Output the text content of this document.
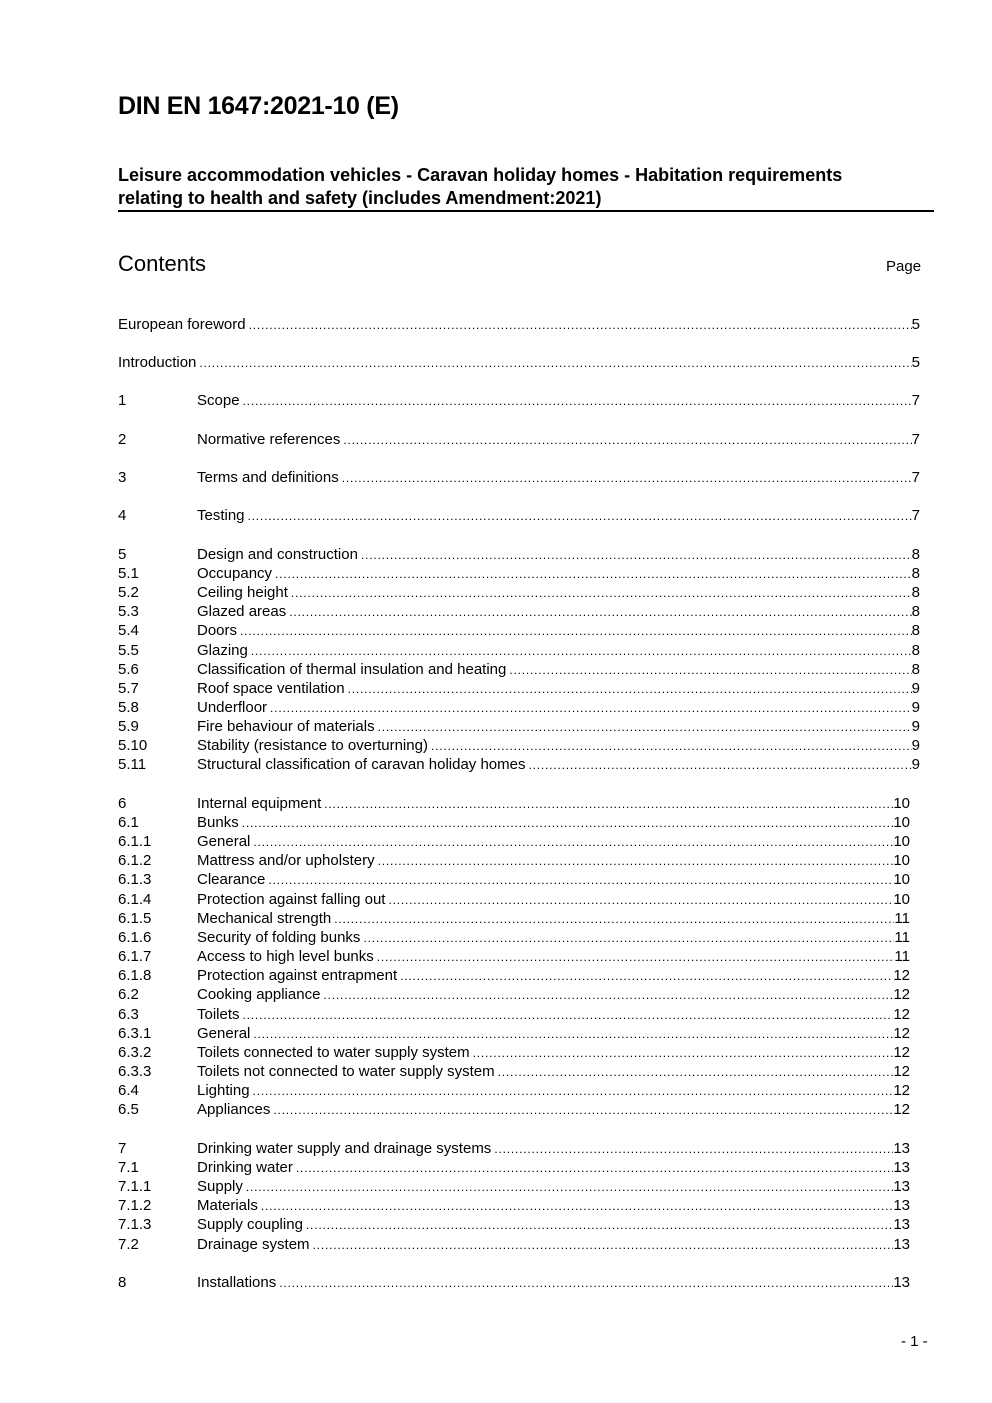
DIN EN 1647:2021-10 (E)
Leisure accommodation vehicles - Caravan holiday homes - Habitation requirements
relating to health and safety (includes Amendment:2021)
Contents	Page
European foreword .....	5
Introduction .....	5
1	Scope .....	7
2	Normative references .....	7
3	Terms and definitions .....	7
4	Testing .....	7
5	Design and construction .....	8
5.1	Occupancy .....	8
5.2	Ceiling height .....	8
5.3	Glazed areas .....	8
5.4	Doors .....	8
5.5	Glazing .....	8
5.6	Classification of thermal insulation and heating .....	8
5.7	Roof space ventilation .....	9
5.8	Underfloor .....	9
5.9	Fire behaviour of materials .....	9
5.10	Stability (resistance to overturning) .....	9
5.11	Structural classification of caravan holiday homes .....	9
6	Internal equipment .....	10
6.1	Bunks .....	10
6.1.1	General .....	10
6.1.2	Mattress and/or upholstery .....	10
6.1.3	Clearance .....	10
6.1.4	Protection against falling out .....	10
6.1.5	Mechanical strength .....	11
6.1.6	Security of folding bunks .....	11
6.1.7	Access to high level bunks .....	11
6.1.8	Protection against entrapment .....	12
6.2	Cooking appliance .....	12
6.3	Toilets .....	12
6.3.1	General .....	12
6.3.2	Toilets connected to water supply system .....	12
6.3.3	Toilets not connected to water supply system .....	12
6.4	Lighting .....	12
6.5	Appliances .....	12
7	Drinking water supply and drainage systems .....	13
7.1	Drinking water .....	13
7.1.1	Supply .....	13
7.1.2	Materials .....	13
7.1.3	Supply coupling .....	13
7.2	Drainage system .....	13
8	Installations .....	13
- 1 -
